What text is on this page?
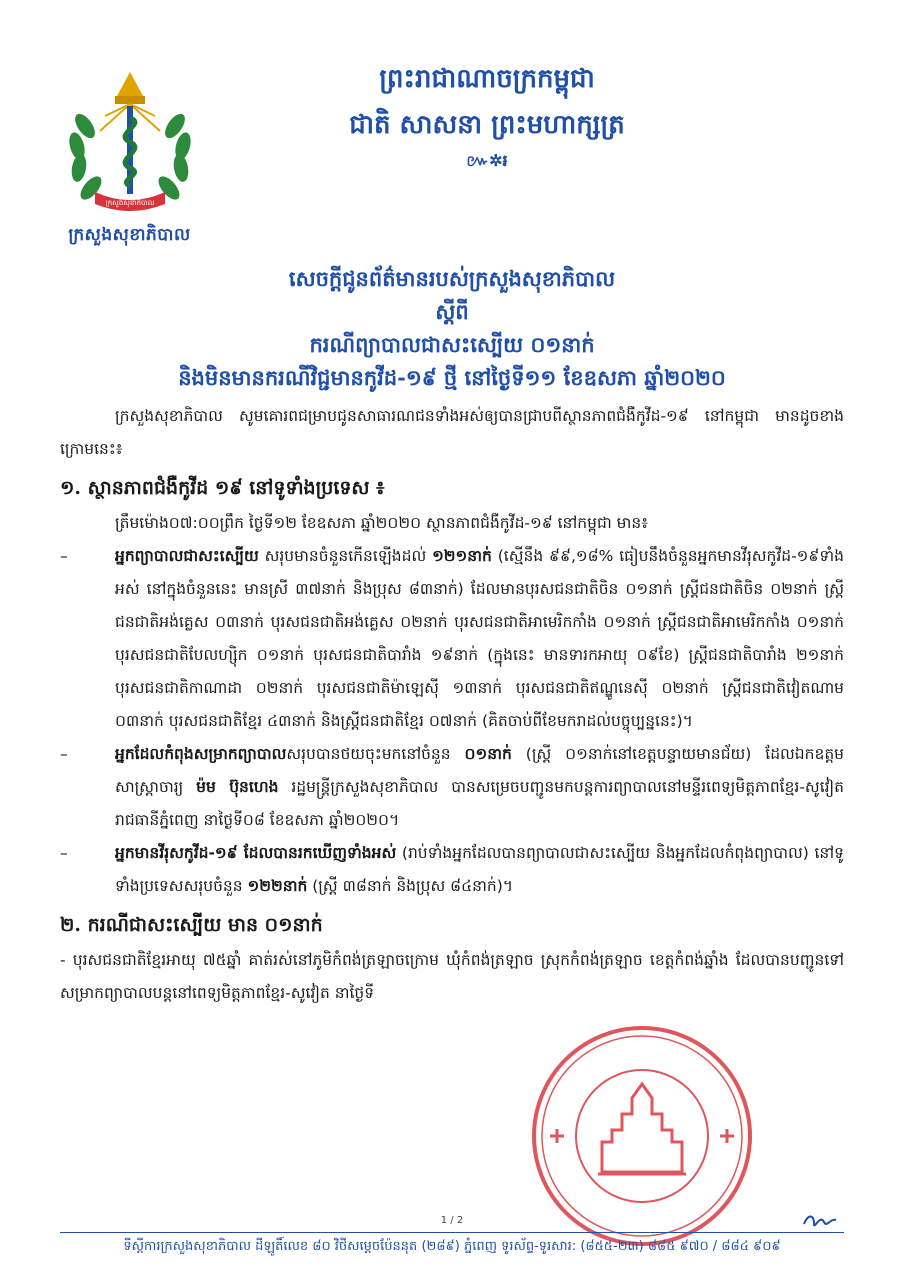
ក្រសួងសុខាភិបាល
ក្រសួងសុខាភិបាល
ព្រះរាជាណាចក្រកម្ពុជា
ជាតិ សាសនា ព្រះមហាក្សត្រ
៚✲៛
សេចក្តីជូនព័ត៌មានរបស់ក្រសួងសុខាភិបាល
ស្តីពី
ករណីព្យាបាលជាសះស្បើយ ០១នាក់
និងមិនមានករណីវិជ្ជមានកូវីដ-១៩ ថ្មី នៅថ្ងៃទី១១ ខែឧសភា ឆ្នាំ២០២០

ក្រសួងសុខាភិបាល សូមគោរពជម្រាបជូនសាធារណជនទាំងអស់ឲ្យបានជ្រាបពីស្ថានភាពជំងឺកូវីដ-១៩ នៅកម្ពុជា មានដូចខាងក្រោមនេះ៖

១. ស្ថានភាពជំងឺកូវីដ ១៩ នៅទូទាំងប្រទេស ៖

ត្រឹមម៉ោង០៧:០០ព្រឹក ថ្ងៃទី១២ ខែឧសភា ឆ្នាំ២០២០ ស្ថានភាពជំងឺកូវីដ-១៩ នៅកម្ពុជា មាន៖

–	អ្នកព្យាបាលជាសះស្បើយ សរុបមានចំនួនកើនឡើងដល់ ១២១នាក់ (ស្មើនឹង ៩៩,១៨% ធៀបនឹងចំនួនអ្នកមានវីរុសកូវីដ-១៩ទាំងអស់ នៅក្នុងចំនួននេះ មានស្រី ៣៧នាក់ និងប្រុស ៨៣នាក់) ដែលមានបុរសជនជាតិចិន ០១នាក់ ស្ត្រីជនជាតិចិន ០២នាក់ ស្ត្រីជនជាតិអង់គ្លេស ០៣នាក់ បុរសជនជាតិអង់គ្លេស ០២នាក់ បុរសជនជាតិអាមេរិកកាំង ០១នាក់ ស្ត្រីជនជាតិអាមេរិកកាំង ០១នាក់ បុរសជនជាតិបែលហ្ស៊ិក ០១នាក់ បុរសជនជាតិបារាំង ១៩នាក់ (ក្នុងនេះ មានទារកអាយុ ០៩ខែ) ស្ត្រីជនជាតិបារាំង ២១នាក់ បុរសជនជាតិកាណាដា ០២នាក់ បុរសជនជាតិម៉ាឡេស៊ី ១៣នាក់ បុរសជនជាតិឥណ្ឌូនេស៊ី ០២នាក់ ស្ត្រីជនជាតិវៀតណាម ០៣នាក់ បុរសជនជាតិខ្មែរ ៤៣នាក់ និងស្ត្រីជនជាតិខ្មែរ ០៧នាក់ (គិតចាប់ពីខែមករាដល់បច្ចុប្បន្ននេះ)។
–	អ្នកដែលកំពុងសម្រាកព្យាបាលសរុបបានថយចុះមកនៅចំនួន ០១នាក់ (ស្ត្រី ០១នាក់នៅខេត្តបន្ទាយមានជ័យ) ដែលឯកឧត្តមសាស្ត្រាចារ្យ ម៉ម ប៊ុនហេង រដ្ឋមន្ត្រីក្រសួងសុខាភិបាល បានសម្រេចបញ្ជូនមកបន្តការព្យាបាលនៅមន្ទីរពេទ្យមិត្តភាពខ្មែរ-សូវៀត រាជធានីភ្នំពេញ នាថ្ងៃទី០៨ ខែឧសភា ឆ្នាំ២០២០។
–	អ្នកមានវីរុសកូវីដ-១៩ ដែលបានរកឃើញទាំងអស់ (រាប់ទាំងអ្នកដែលបានព្យាបាលជាសះស្បើយ និងអ្នកដែលកំពុងព្យាបាល) នៅទូទាំងប្រទេសសរុបចំនួន ១២២នាក់ (ស្ត្រី ៣៨នាក់ និងប្រុស ៨៤នាក់)។
២. ករណីជាសះស្បើយ មាន ០១នាក់

- បុរសជនជាតិខ្មែរអាយុ ៧៥ឆ្នាំ គាត់រស់នៅភូមិកំពង់ត្រឡាចក្រោម ឃុំកំពង់ត្រឡាច ស្រុកកំពង់ត្រឡាច ខេត្តកំពង់ឆ្នាំង ដែលបានបញ្ជូនទៅសម្រាកព្យាបាលបន្តនៅពេទ្យមិត្តភាពខ្មែរ-សូវៀត នាថ្ងៃទី

1 / 2
ទីស្តីការក្រសួងសុខាភិបាល ដីឡូតិ៍លេខ ៨០ វិថីសម្តេចប៉ែននុត (២៨៩) ភ្នំពេញ ទូរស័ព្ទ-ទូរសារ: (៨៥៥-២៣) ៨៨៥ ៩៧០ / ៨៨៤ ៩០៩
